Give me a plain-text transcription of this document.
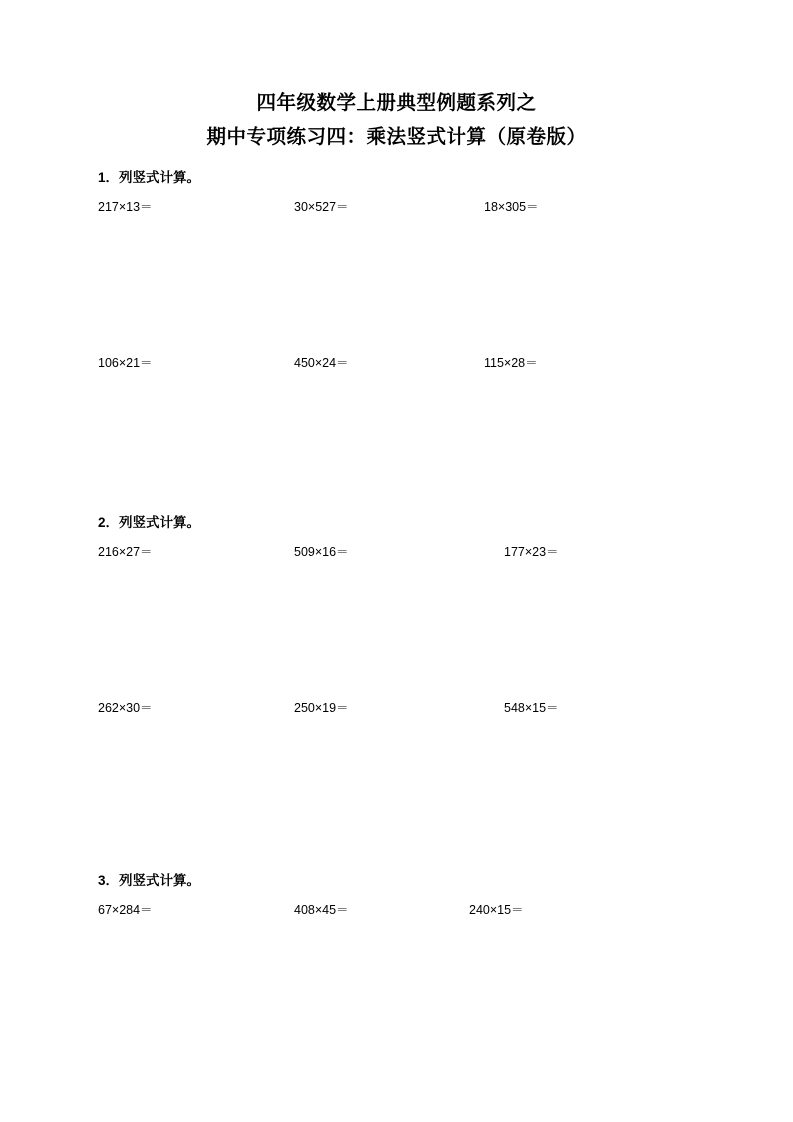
四年级数学上册典型例题系列之
期中专项练习四：乘法竖式计算（原卷版）
1．列竖式计算。
217×13＝	30×527＝	18×305＝
106×21＝	450×24＝	115×28＝
2．列竖式计算。
216×27＝	509×16＝	177×23＝
262×30＝	250×19＝	548×15＝
3．列竖式计算。
67×284＝	408×45＝	240×15＝
